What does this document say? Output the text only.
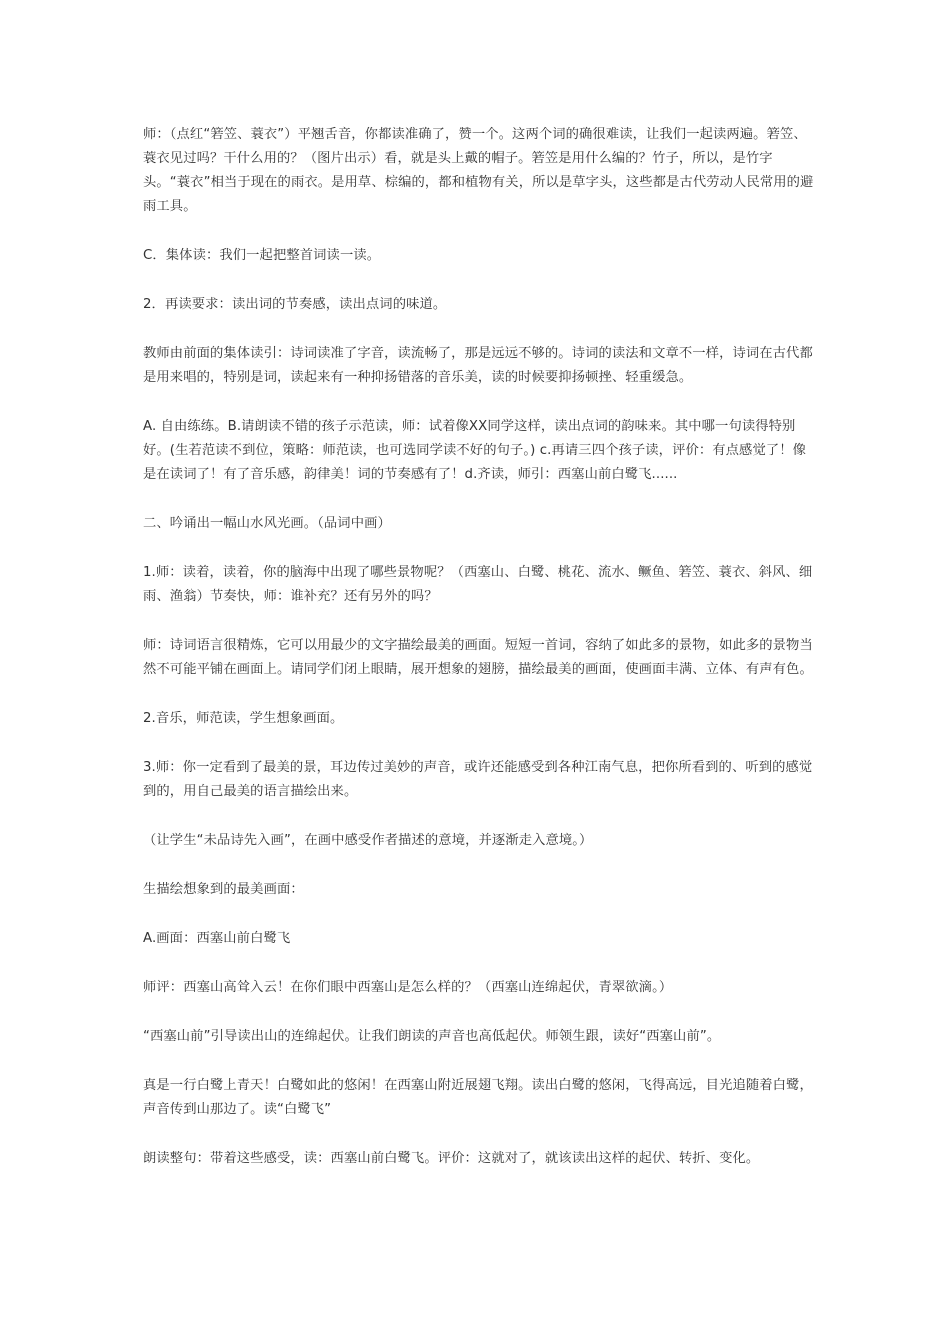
师：（点红“箬笠、蓑衣”）平翘舌音，你都读准确了，赞一个。这两个词的确很难读，让我们一起读两遍。箬笠、蓑衣见过吗？干什么用的？（图片出示）看，就是头上戴的帽子。箬笠是用什么编的？竹子，所以，是竹字头。“蓑衣”相当于现在的雨衣。是用草、棕编的，都和植物有关，所以是草字头，这些都是古代劳动人民常用的避雨工具。

C．集体读：我们一起把整首词读一读。

2．再读要求：读出词的节奏感，读出点词的味道。

教师由前面的集体读引：诗词读准了字音，读流畅了，那是远远不够的。诗词的读法和文章不一样，诗词在古代都是用来唱的，特别是词，读起来有一种抑扬错落的音乐美，读的时候要抑扬顿挫、轻重缓急。

A. 自由练练。B.请朗读不错的孩子示范读，师：试着像XX同学这样，读出点词的韵味来。其中哪一句读得特别好。(生若范读不到位，策略：师范读，也可选同学读不好的句子。) c.再请三四个孩子读，评价：有点感觉了！像是在读词了！有了音乐感，韵律美！词的节奏感有了！d.齐读，师引：西塞山前白鹭飞......

二、吟诵出一幅山水风光画。（品词中画）

1.师：读着，读着，你的脑海中出现了哪些景物呢？（西塞山、白鹭、桃花、流水、鳜鱼、箬笠、蓑衣、斜风、细雨、渔翁）节奏快，师：谁补充？还有另外的吗？

师：诗词语言很精炼，它可以用最少的文字描绘最美的画面。短短一首词，容纳了如此多的景物，如此多的景物当然不可能平铺在画面上。请同学们闭上眼睛，展开想象的翅膀，描绘最美的画面，使画面丰满、立体、有声有色。

2.音乐，师范读，学生想象画面。

3.师：你一定看到了最美的景，耳边传过美妙的声音，或许还能感受到各种江南气息，把你所看到的、听到的感觉到的，用自己最美的语言描绘出来。

（让学生“未品诗先入画”，在画中感受作者描述的意境，并逐渐走入意境。）

生描绘想象到的最美画面：

A.画面：西塞山前白鹭飞

师评：西塞山高耸入云！在你们眼中西塞山是怎么样的？（西塞山连绵起伏，青翠欲滴。）

“西塞山前”引导读出山的连绵起伏。让我们朗读的声音也高低起伏。师领生跟，读好“西塞山前”。

真是一行白鹭上青天！白鹭如此的悠闲！在西塞山附近展翅飞翔。读出白鹭的悠闲，飞得高远，目光追随着白鹭，声音传到山那边了。读“白鹭飞”

朗读整句：带着这些感受，读：西塞山前白鹭飞。评价：这就对了，就该读出这样的起伏、转折、变化。
